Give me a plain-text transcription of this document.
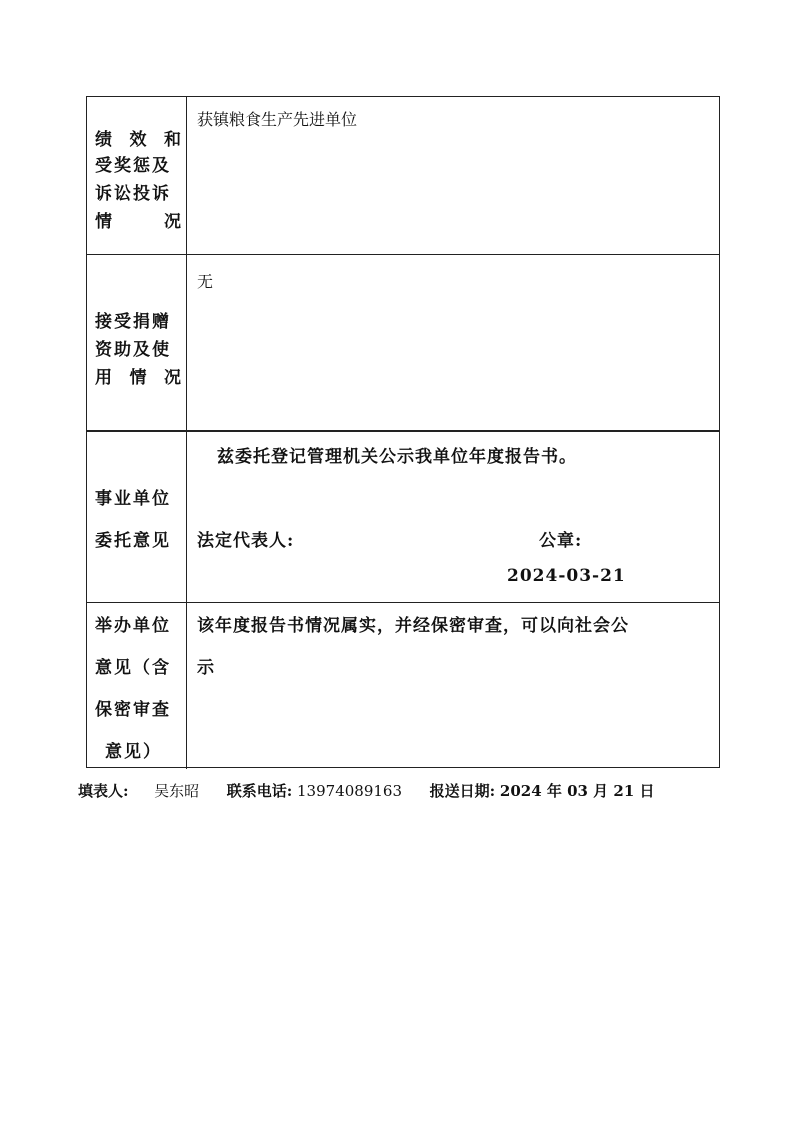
绩 效 和
受奖惩及
诉讼投诉
情	况
获镇粮食生产先进单位
接受捐赠
资助及使
用 情 况
无
事业单位
委托意见
兹委托登记管理机关公示我单位年度报告书。
法定代表人:	公章:
2024-03-21
举办单位
意见（含
保密审查
意见）
该年度报告书情况属实，并经保密审查，可以向社会公
示
填表人: 吴东昭 联系电话: 13974089163 报送日期: 2024 年 03 月 21 日
